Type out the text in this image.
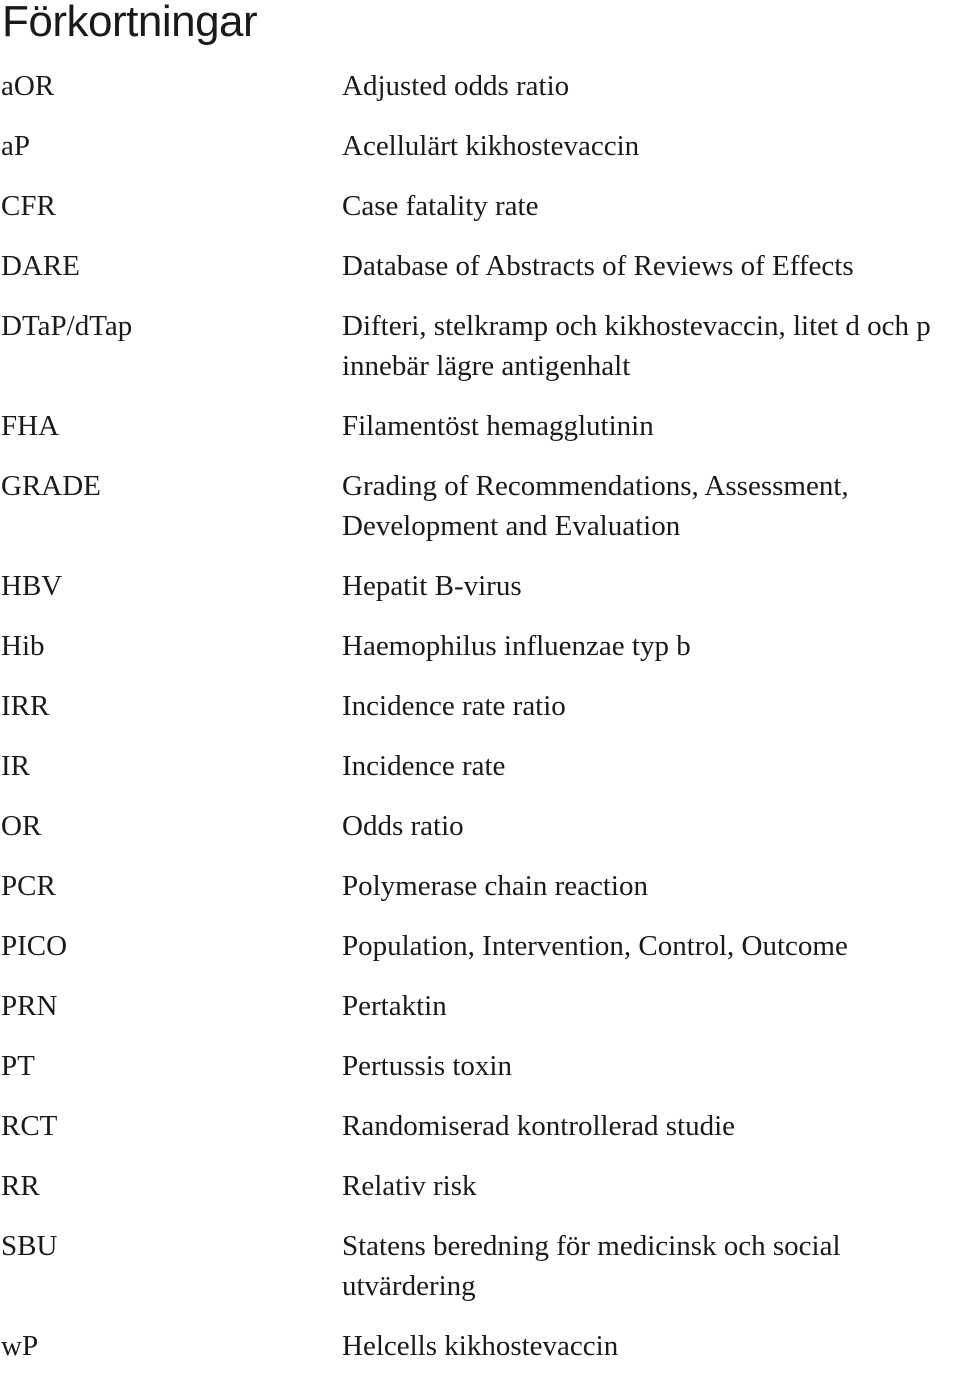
Förkortningar
aOR	Adjusted odds ratio
aP	Acellulärt kikhostevaccin
CFR	Case fatality rate
DARE	Database of Abstracts of Reviews of Effects
DTaP/dTap	Difteri, stelkramp och kikhostevaccin, litet d och p innebär lägre antigenhalt
FHA	Filamentöst hemagglutinin
GRADE	Grading of Recommendations, Assessment, Development and Evaluation
HBV	Hepatit B-virus
Hib	Haemophilus influenzae typ b
IRR	Incidence rate ratio
IR	Incidence rate
OR	Odds ratio
PCR	Polymerase chain reaction
PICO	Population, Intervention, Control, Outcome
PRN	Pertaktin
PT	Pertussis toxin
RCT	Randomiserad kontrollerad studie
RR	Relativ risk
SBU	Statens beredning för medicinsk och social utvärdering
wP	Helcells kikhostevaccin
